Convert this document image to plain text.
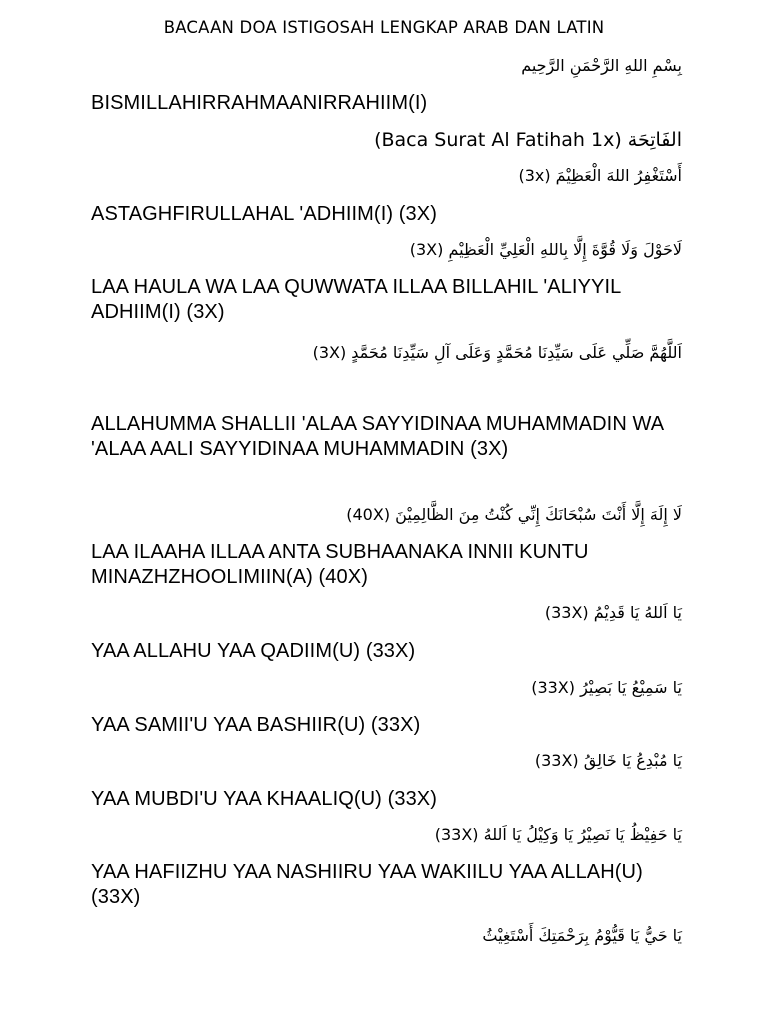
BACAAN DOA ISTIGOSAH LENGKAP ARAB DAN LATIN
بِسْمِ اللهِ الرَّحْمَنِ الرَّحِيم
BISMILLAHIRRAHMAANIRRAHIIM(I)
الفَاتِحَة (Baca Surat Al Fatihah 1x)
أَسْتَغْفِرُ اللهَ الْعَظِيْمَ (3x)
ASTAGHFIRULLAHAL 'ADHIIM(I) (3X)
لَاحَوْلَ وَلَا قُوَّةَ إِلَّا بِاللهِ الْعَلِيِّ الْعَظِيْمِ (3X)
LAA HAULA WA LAA QUWWATA ILLAA BILLAHIL 'ALIYYIL ADHIIM(I) (3X)
اَللَّهُمَّ صَلِّي عَلَى سَيِّدِنَا مُحَمَّدٍ وَعَلَى آلِ سَيِّدِنَا مُحَمَّدٍ (3X)
ALLAHUMMA SHALLII 'ALAA SAYYIDINAA MUHAMMADIN WA 'ALAA AALI SAYYIDINAA MUHAMMADIN (3X)
لَا إِلَهَ إِلَّا أَنْتَ سُبْحَانَكَ إِنِّي كُنْتُ مِنَ الظَّالِمِيْنَ (40X)
LAA ILAAHA ILLAA ANTA SUBHAANAKA INNII KUNTU MINAZHZHOOLIMIIN(A) (40X)
يَا اَللهُ يَا قَدِيْمُ (33X)
YAA ALLAHU YAA QADIIM(U) (33X)
يَا سَمِيْعُ يَا بَصِيْرُ (33X)
YAA SAMII'U YAA BASHIIR(U) (33X)
يَا مُبْدِعُ يَا خَالِقُ (33X)
YAA MUBDI'U YAA KHAALIQ(U) (33X)
يَا حَفِيْظُ يَا نَصِيْرُ يَا وَكِيْلُ يَا اَللهُ (33X)
YAA HAFIIZHU YAA NASHIIRU YAA WAKIILU YAA ALLAH(U) (33X)
يَا حَيُّ يَا قَيُّوْمُ بِرَحْمَتِكَ أَسْتَغِيْثُ
